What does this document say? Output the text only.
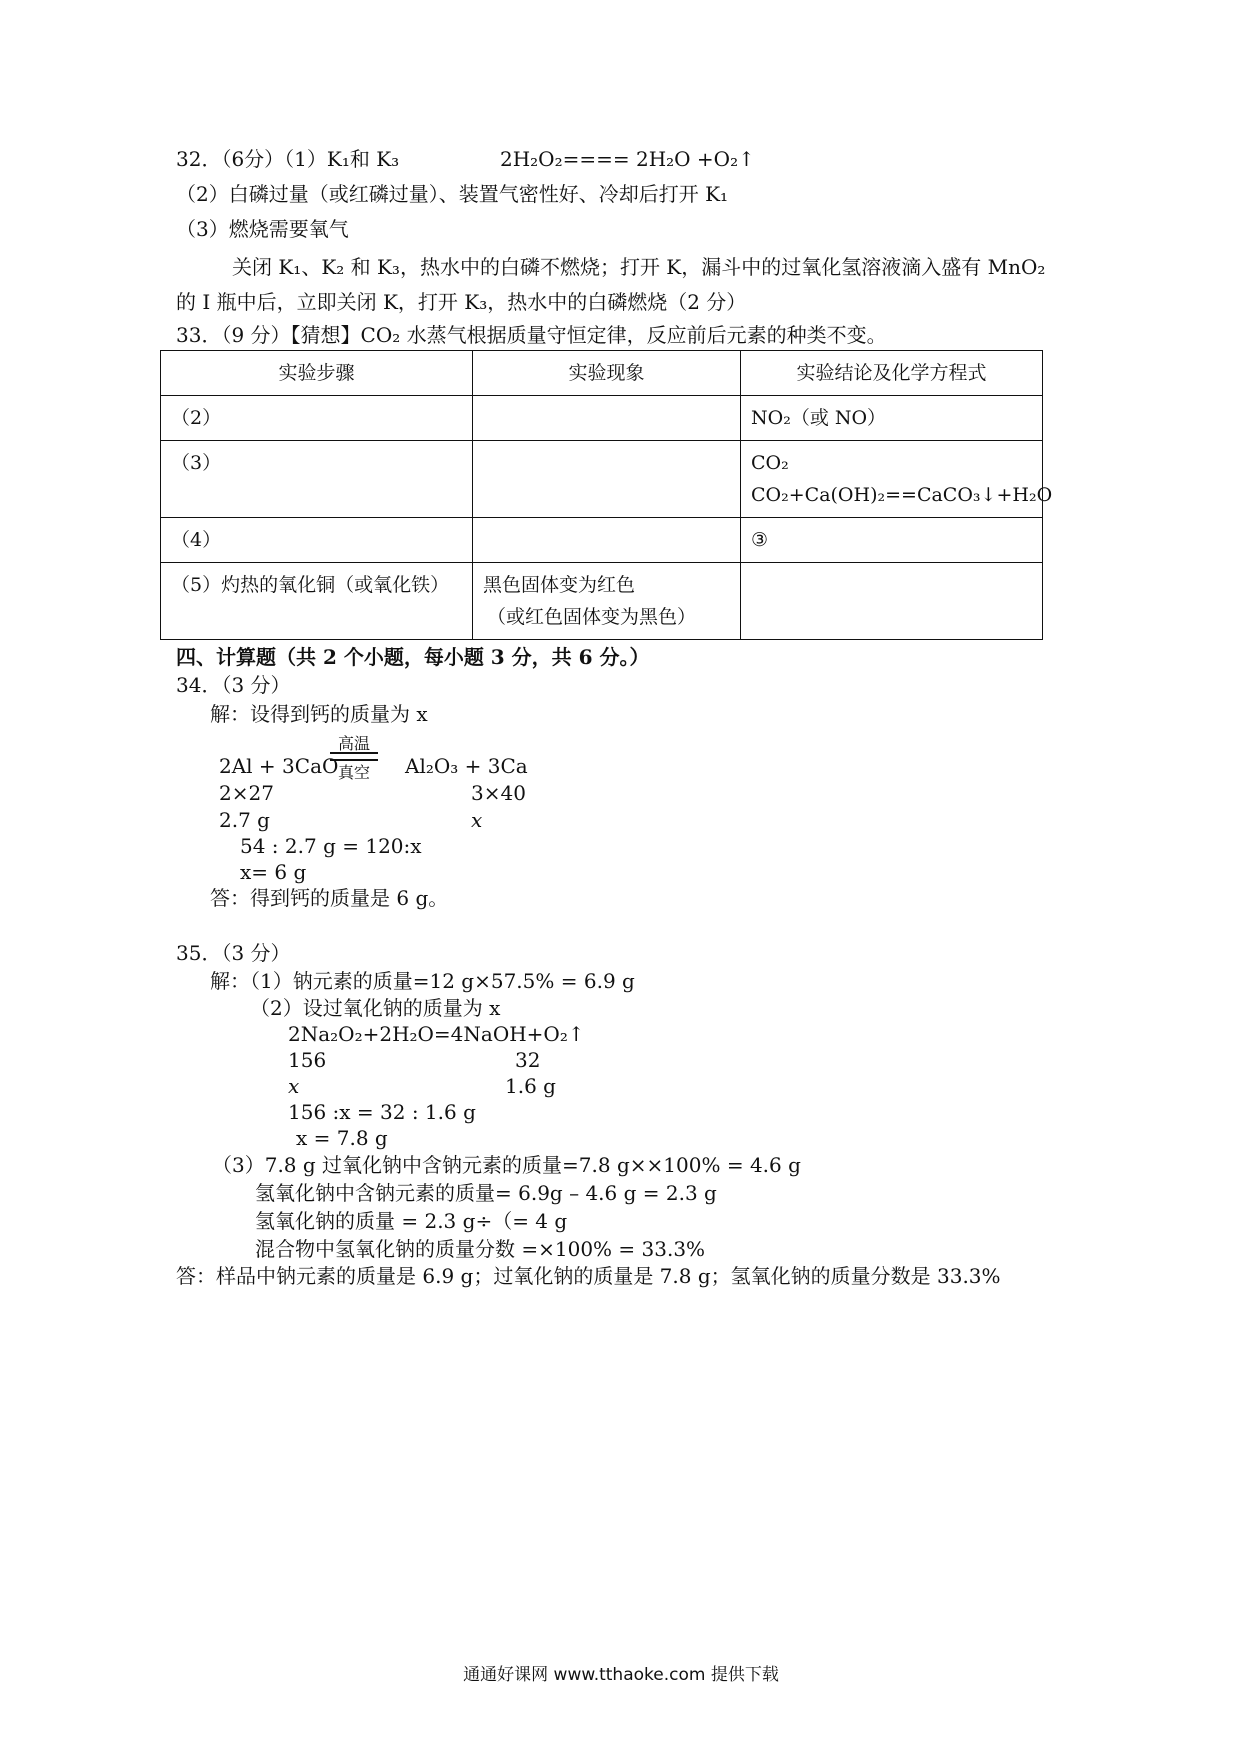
32．（6分）（1）K₁和 K₃	2H₂O₂==== 2H₂O +O₂↑
（2）白磷过量（或红磷过量）、装置气密性好、冷却后打开 K₁
（3）燃烧需要氧气
关闭 K₁、K₂ 和 K₃，热水中的白磷不燃烧；打开 K，漏斗中的过氧化氢溶液滴入盛有 MnO₂
的 I 瓶中后，立即关闭 K，打开 K₃，热水中的白磷燃烧（2 分）
33．（9 分）【猜想】CO₂ 水蒸气根据质量守恒定律，反应前后元素的种类不变。
实验步骤	实验现象	实验结论及化学方程式
（2）		NO₂（或 NO）
（3）		CO₂
CO₂+Ca(OH)₂==CaCO₃↓+H₂O

（4）		③
（5）灼热的氧化铜（或氧化铁）	黑色固体变为红色
（或红色固体变为黑色）	

四、计算题（共 2 个小题，每小题 3 分，共 6 分。）
34．（3 分）
解：设得到钙的质量为 x
2Al + 3CaO
高温
真空 Al₂O₃ + 3Ca
2×27	3×40
2.7 g	x
54 : 2.7 g = 120:x
x= 6 g
答：得到钙的质量是 6 g。
35．（3 分）
解：（1）钠元素的质量=12 g×57.5% = 6.9 g
（2）设过氧化钠的质量为 x
2Na₂O₂+2H₂O=4NaOH+O₂↑
156	32
x	1.6 g
156 :x = 32 : 1.6 g
x = 7.8 g
（3）7.8 g 过氧化钠中含钠元素的质量=7.8 g××100% = 4.6 g
氢氧化钠中含钠元素的质量= 6.9g – 4.6 g = 2.3 g
氢氧化钠的质量 = 2.3 g÷（= 4 g
混合物中氢氧化钠的质量分数 =×100% = 33.3%
答：样品中钠元素的质量是 6.9 g；过氧化钠的质量是 7.8 g；氢氧化钠的质量分数是 33.3%
通通好课网 www.tthaoke.com 提供下载
